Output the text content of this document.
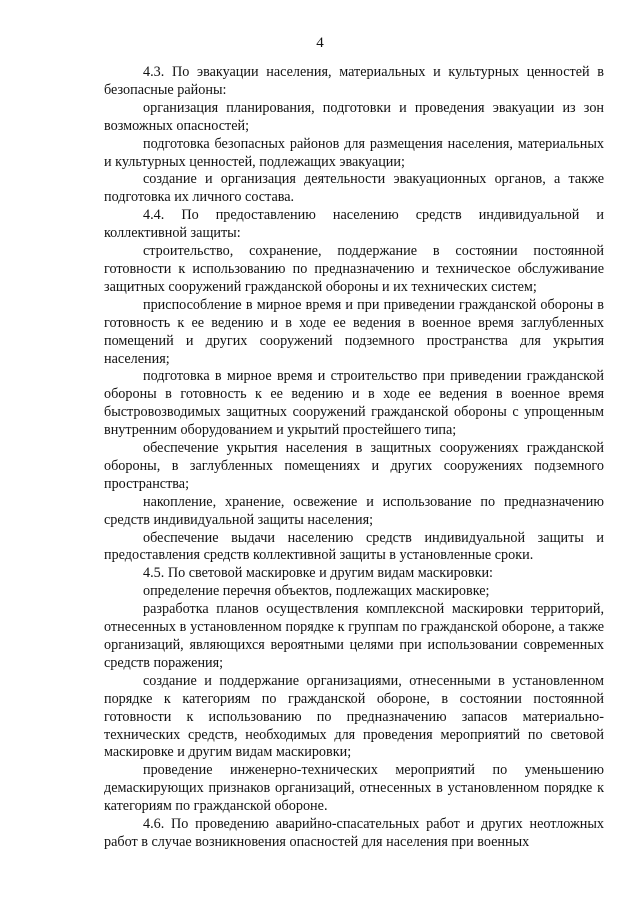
4

4.3. По эвакуации населения, материальных и культурных ценностей в безопасные районы:

организация планирования, подготовки и проведения эвакуации из зон возможных опасностей;

подготовка безопасных районов для размещения населения, материальных и культурных ценностей, подлежащих эвакуации;

создание и организация деятельности эвакуационных органов, а также подготовка их личного состава.

4.4. По предоставлению населению средств индивидуальной и коллективной защиты:

строительство, сохранение, поддержание в состоянии постоянной готовности к использованию по предназначению и техническое обслуживание защитных сооружений гражданской обороны и их технических систем;

приспособление в мирное время и при приведении гражданской обороны в готовность к ее ведению и в ходе ее ведения в военное время заглубленных помещений и других сооружений подземного пространства для укрытия населения;

подготовка в мирное время и строительство при приведении гражданской обороны в готовность к ее ведению и в ходе ее ведения в военное время быстровозводимых защитных сооружений гражданской обороны с упрощенным внутренним оборудованием и укрытий простейшего типа;

обеспечение укрытия населения в защитных сооружениях гражданской обороны, в заглубленных помещениях и других сооружениях подземного пространства;

накопление, хранение, освежение и использование по предназначению средств индивидуальной защиты населения;

обеспечение выдачи населению средств индивидуальной защиты и предоставления средств коллективной защиты в установленные сроки.

4.5. По световой маскировке и другим видам маскировки:

определение перечня объектов, подлежащих маскировке;

разработка планов осуществления комплексной маскировки территорий, отнесенных в установленном порядке к группам по гражданской обороне, а также организаций, являющихся вероятными целями при использовании современных средств поражения;

создание и поддержание организациями, отнесенными в установленном порядке к категориям по гражданской обороне, в состоянии постоянной готовности к использованию по предназначению запасов материально-технических средств, необходимых для проведения мероприятий по световой маскировке и другим видам маскировки;

проведение инженерно-технических мероприятий по уменьшению демаскирующих признаков организаций, отнесенных в установленном порядке к категориям по гражданской обороне.

4.6. По проведению аварийно-спасательных работ и других неотложных работ в случае возникновения опасностей для населения при военных
